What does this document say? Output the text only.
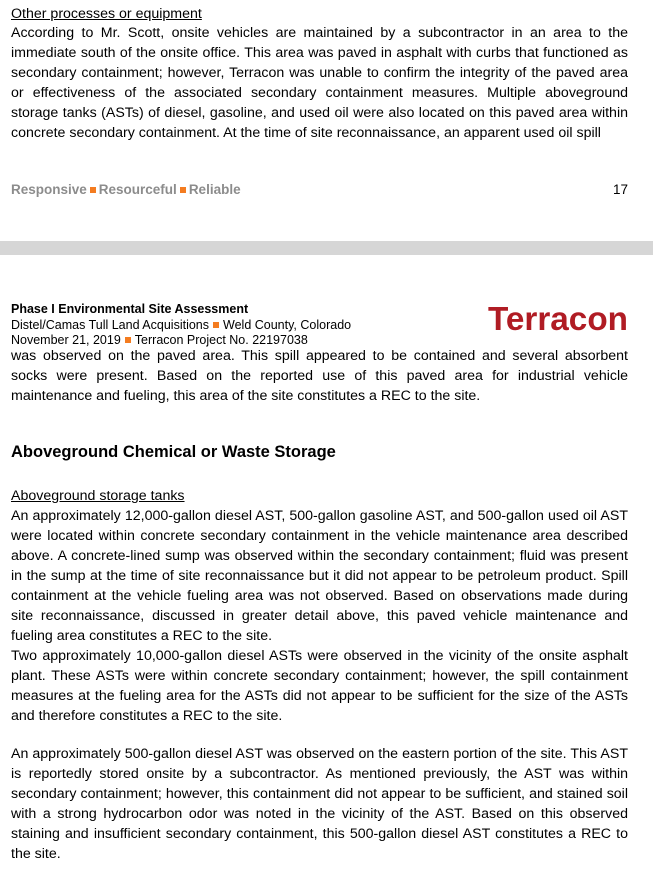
Other processes or equipment
According to Mr. Scott, onsite vehicles are maintained by a subcontractor in an area to the immediate south of the onsite office. This area was paved in asphalt with curbs that functioned as secondary containment; however, Terracon was unable to confirm the integrity of the paved area or effectiveness of the associated secondary containment measures. Multiple aboveground storage tanks (ASTs) of diesel, gasoline, and used oil were also located on this paved area within concrete secondary containment. At the time of site reconnaissance, an apparent used oil spill
Responsive Resourceful Reliable	17
Phase I Environmental Site Assessment
Distel/Camas Tull Land Acquisitions Weld County, Colorado
November 21, 2019 Terracon Project No. 22197038
Terracon
was observed on the paved area. This spill appeared to be contained and several absorbent socks were present. Based on the reported use of this paved area for industrial vehicle maintenance and fueling, this area of the site constitutes a REC to the site.
Aboveground Chemical or Waste Storage
Aboveground storage tanks
An approximately 12,000-gallon diesel AST, 500-gallon gasoline AST, and 500-gallon used oil AST were located within concrete secondary containment in the vehicle maintenance area described above. A concrete-lined sump was observed within the secondary containment; fluid was present in the sump at the time of site reconnaissance but it did not appear to be petroleum product. Spill containment at the vehicle fueling area was not observed. Based on observations made during site reconnaissance, discussed in greater detail above, this paved vehicle maintenance and fueling area constitutes a REC to the site.
Two approximately 10,000-gallon diesel ASTs were observed in the vicinity of the onsite asphalt plant. These ASTs were within concrete secondary containment; however, the spill containment measures at the fueling area for the ASTs did not appear to be sufficient for the size of the ASTs and therefore constitutes a REC to the site.
An approximately 500-gallon diesel AST was observed on the eastern portion of the site. This AST is reportedly stored onsite by a subcontractor. As mentioned previously, the AST was within secondary containment; however, this containment did not appear to be sufficient, and stained soil with a strong hydrocarbon odor was noted in the vicinity of the AST. Based on this observed staining and insufficient secondary containment, this 500-gallon diesel AST constitutes a REC to the site.
